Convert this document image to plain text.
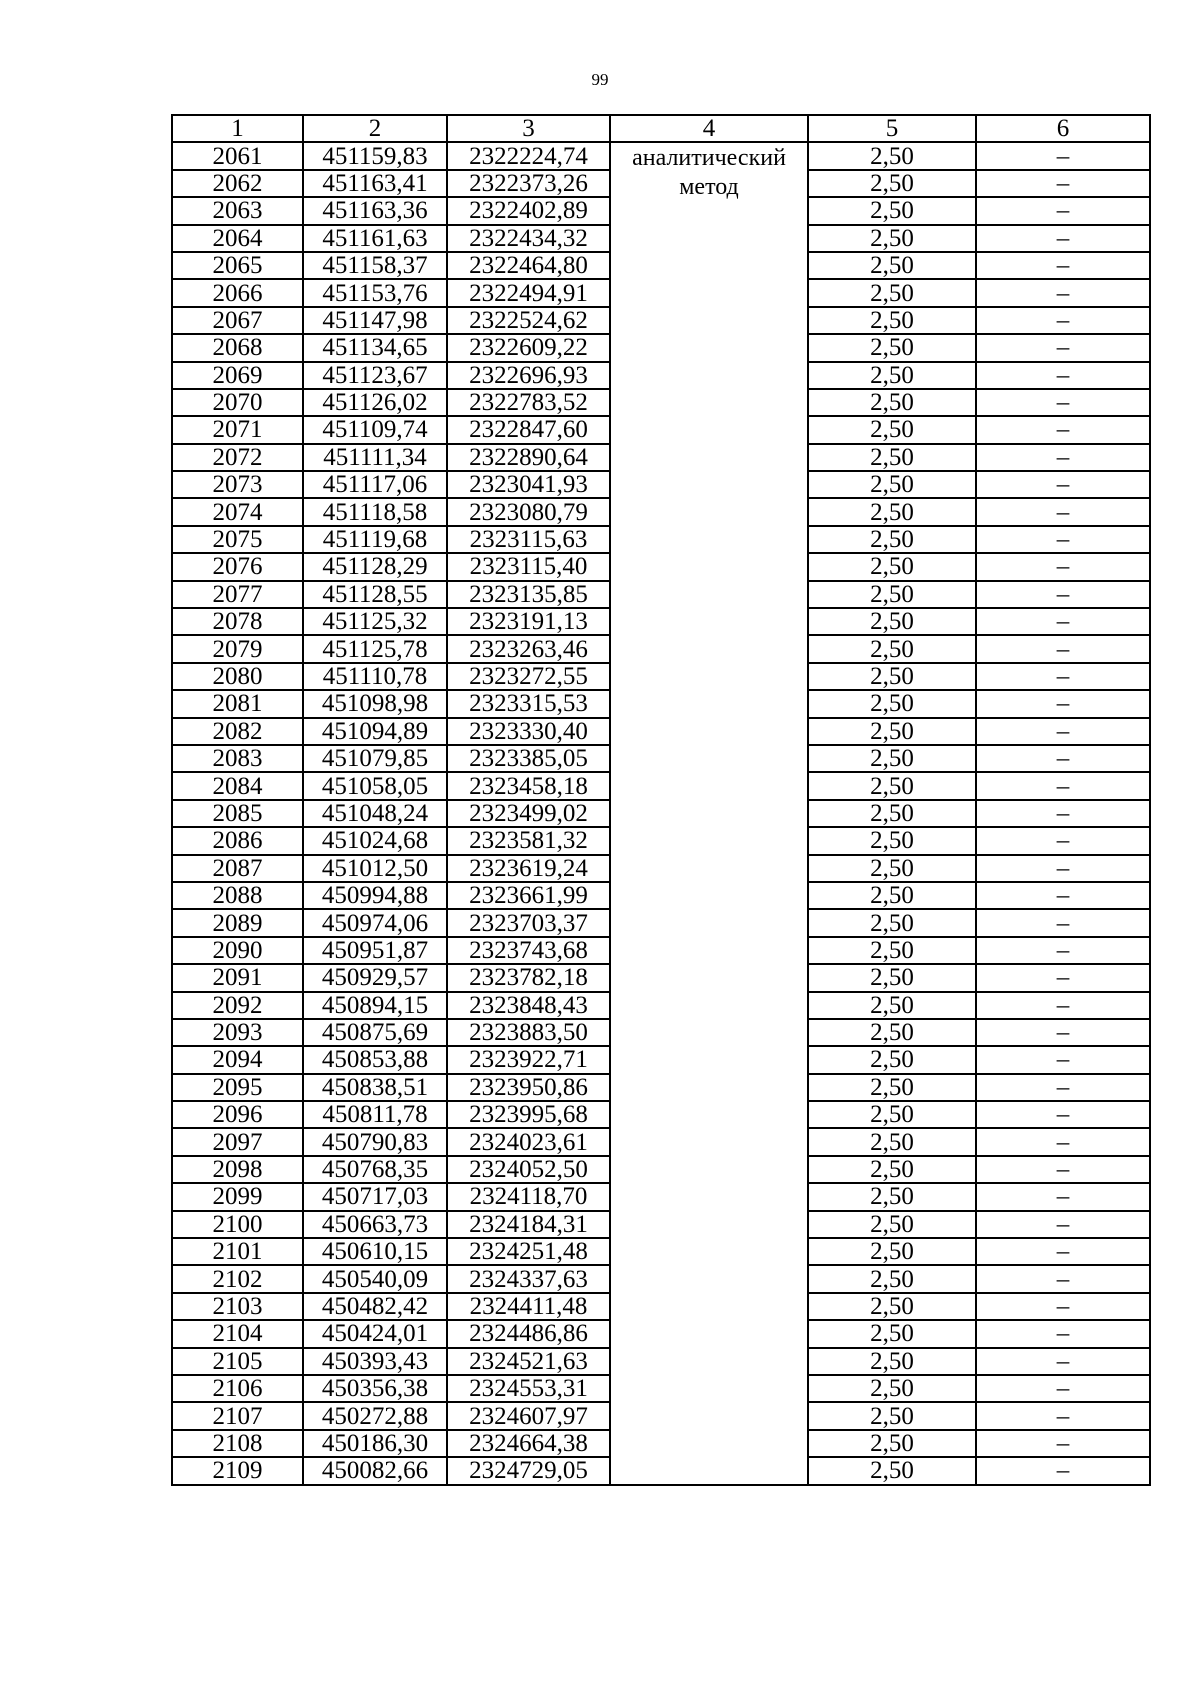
99
1	2	3	4	5	6
2061	451159,83	2322224,74	аналитический метод	2,50	–
2062	451163,41	2322373,26		2,50	–
2063	451163,36	2322402,89		2,50	–
2064	451161,63	2322434,32		2,50	–
2065	451158,37	2322464,80		2,50	–
2066	451153,76	2322494,91		2,50	–
2067	451147,98	2322524,62		2,50	–
2068	451134,65	2322609,22		2,50	–
2069	451123,67	2322696,93		2,50	–
2070	451126,02	2322783,52		2,50	–
2071	451109,74	2322847,60		2,50	–
2072	451111,34	2322890,64		2,50	–
2073	451117,06	2323041,93		2,50	–
2074	451118,58	2323080,79		2,50	–
2075	451119,68	2323115,63		2,50	–
2076	451128,29	2323115,40		2,50	–
2077	451128,55	2323135,85		2,50	–
2078	451125,32	2323191,13		2,50	–
2079	451125,78	2323263,46		2,50	–
2080	451110,78	2323272,55		2,50	–
2081	451098,98	2323315,53		2,50	–
2082	451094,89	2323330,40		2,50	–
2083	451079,85	2323385,05		2,50	–
2084	451058,05	2323458,18		2,50	–
2085	451048,24	2323499,02		2,50	–
2086	451024,68	2323581,32		2,50	–
2087	451012,50	2323619,24		2,50	–
2088	450994,88	2323661,99		2,50	–
2089	450974,06	2323703,37		2,50	–
2090	450951,87	2323743,68		2,50	–
2091	450929,57	2323782,18		2,50	–
2092	450894,15	2323848,43		2,50	–
2093	450875,69	2323883,50		2,50	–
2094	450853,88	2323922,71		2,50	–
2095	450838,51	2323950,86		2,50	–
2096	450811,78	2323995,68		2,50	–
2097	450790,83	2324023,61		2,50	–
2098	450768,35	2324052,50		2,50	–
2099	450717,03	2324118,70		2,50	–
2100	450663,73	2324184,31		2,50	–
2101	450610,15	2324251,48		2,50	–
2102	450540,09	2324337,63		2,50	–
2103	450482,42	2324411,48		2,50	–
2104	450424,01	2324486,86		2,50	–
2105	450393,43	2324521,63		2,50	–
2106	450356,38	2324553,31		2,50	–
2107	450272,88	2324607,97		2,50	–
2108	450186,30	2324664,38		2,50	–
2109	450082,66	2324729,05		2,50	–
